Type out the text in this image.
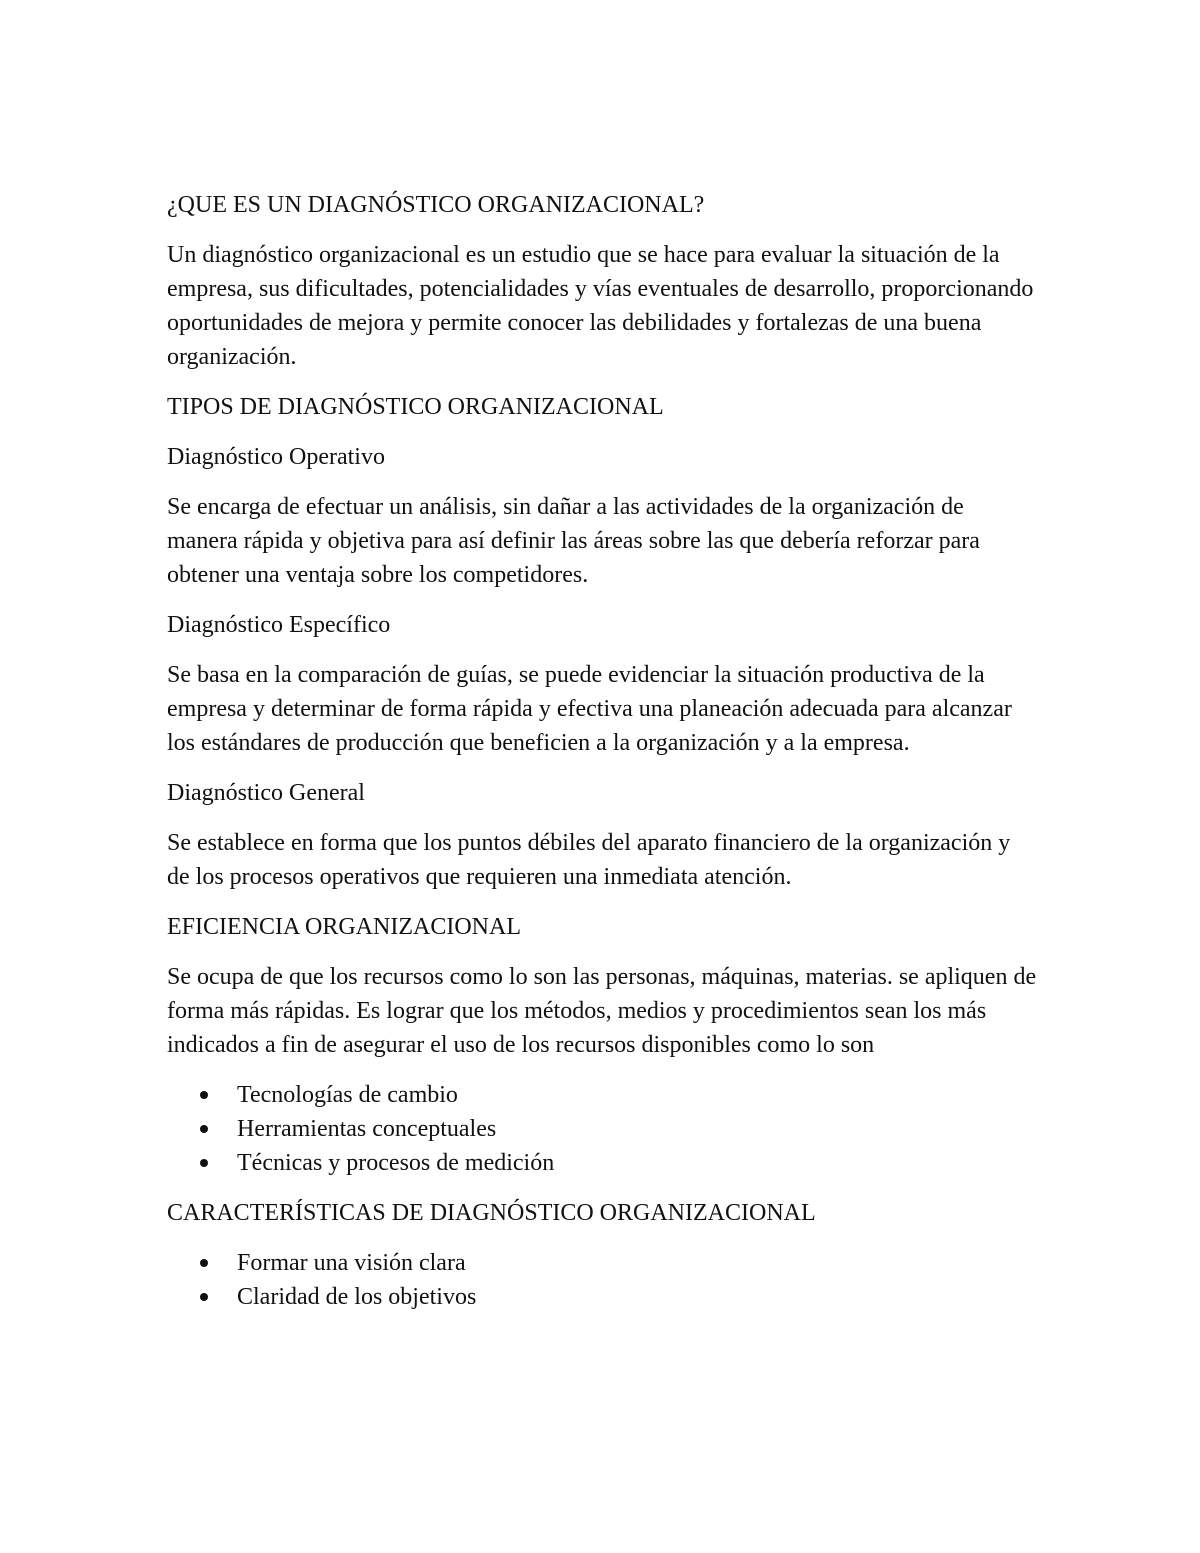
¿QUE ES UN DIAGNÓSTICO ORGANIZACIONAL?

Un diagnóstico organizacional es un estudio que se hace para evaluar la situación de la empresa, sus dificultades, potencialidades y vías eventuales de desarrollo, proporcionando oportunidades de mejora y permite conocer las debilidades y fortalezas de una buena organización.

TIPOS DE DIAGNÓSTICO ORGANIZACIONAL

Diagnóstico Operativo

Se encarga de efectuar un análisis, sin dañar a las actividades de la organización de manera rápida y objetiva para así definir las áreas sobre las que debería reforzar para obtener una ventaja sobre los competidores.

Diagnóstico Específico

Se basa en la comparación de guías, se puede evidenciar la situación productiva de la empresa y determinar de forma rápida y efectiva una planeación adecuada para alcanzar los estándares de producción que beneficien a la organización y a la empresa.

Diagnóstico General

Se establece en forma que los puntos débiles del aparato financiero de la organización y de los procesos operativos que requieren una inmediata atención.

EFICIENCIA ORGANIZACIONAL

Se ocupa de que los recursos como lo son las personas, máquinas, materias. se apliquen de forma más rápidas. Es lograr que los métodos, medios y procedimientos sean los más indicados a fin de asegurar el uso de los recursos disponibles como lo son

Tecnologías de cambio
Herramientas conceptuales
Técnicas y procesos de medición
CARACTERÍSTICAS DE DIAGNÓSTICO ORGANIZACIONAL
Formar una visión clara
Claridad de los objetivos
